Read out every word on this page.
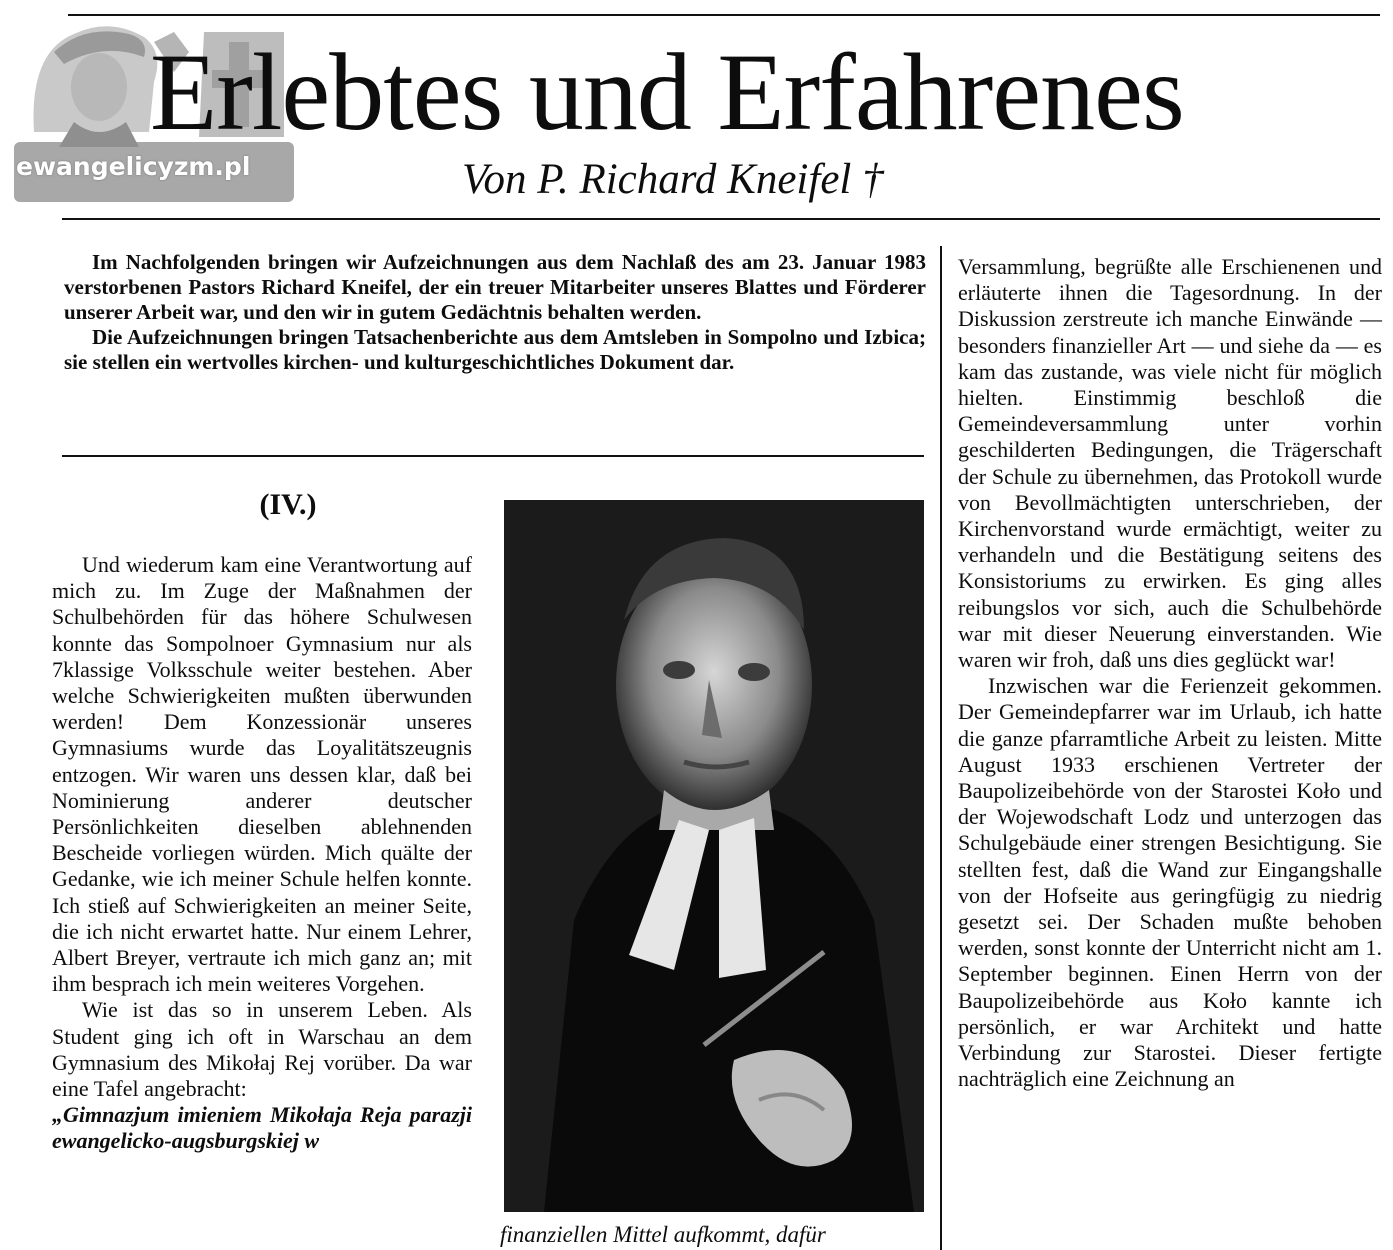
ewangelicyzm.pl
Erlebtes und Erfahrenes
Von P. Richard Kneifel †

Im Nachfolgenden bringen wir Aufzeichnungen aus dem Nachlaß des am 23. Januar 1983 verstorbenen Pastors Richard Kneifel, der ein treuer Mitarbeiter unseres Blattes und Förderer unserer Arbeit war, und den wir in gutem Gedächtnis behalten werden.

Die Aufzeichnungen bringen Tatsachenberichte aus dem Amtsleben in Sompolno und Izbica; sie stellen ein wertvolles kirchen- und kulturgeschichtliches Dokument dar.

(IV.)

Und wiederum kam eine Verantwortung auf mich zu. Im Zuge der Maßnahmen der Schulbehörden für das höhere Schulwesen konnte das Sompolnoer Gymnasium nur als 7klassige Volksschule weiter bestehen. Aber welche Schwierigkeiten mußten überwunden werden! Dem Konzessionär unseres Gymnasiums wurde das Loyalitätszeugnis entzogen. Wir waren uns dessen klar, daß bei Nominierung anderer deutscher Persönlichkeiten dieselben ablehnenden Bescheide vorliegen würden. Mich quälte der Gedanke, wie ich meiner Schule helfen konnte. Ich stieß auf Schwierigkeiten an meiner Seite, die ich nicht erwartet hatte. Nur einem Lehrer, Albert Breyer, vertraute ich mich ganz an; mit ihm besprach ich mein weiteres Vorgehen.

Wie ist das so in unserem Leben. Als Student ging ich oft in Warschau an dem Gymnasium des Mikołaj Rej vorüber. Da war eine Tafel angebracht:

„Gimnazjum imieniem Mikołaja Reja parazji ewangelicko-augsburgskiej w

finanziellen Mittel aufkommt, dafür

Versammlung, begrüßte alle Erschienenen und erläuterte ihnen die Tagesordnung. In der Diskussion zerstreute ich manche Einwände — besonders finanzieller Art — und siehe da — es kam das zustande, was viele nicht für möglich hielten. Einstimmig beschloß die Gemeindeversammlung unter vorhin geschilderten Bedingungen, die Trägerschaft der Schule zu übernehmen, das Protokoll wurde von Bevollmächtigten unterschrieben, der Kirchenvorstand wurde ermächtigt, weiter zu verhandeln und die Bestätigung seitens des Konsistoriums zu erwirken. Es ging alles reibungslos vor sich, auch die Schulbehörde war mit dieser Neuerung einverstanden. Wie waren wir froh, daß uns dies geglückt war!

Inzwischen war die Ferienzeit gekommen. Der Gemeindepfarrer war im Urlaub, ich hatte die ganze pfarramtliche Arbeit zu leisten. Mitte August 1933 erschienen Vertreter der Baupolizeibehörde von der Starostei Koło und der Wojewodschaft Lodz und unterzogen das Schulgebäude einer strengen Besichtigung. Sie stellten fest, daß die Wand zur Eingangshalle von der Hofseite aus geringfügig zu niedrig gesetzt sei. Der Schaden mußte behoben werden, sonst konnte der Unterricht nicht am 1. September beginnen. Einen Herrn von der Baupolizeibehörde aus Koło kannte ich persönlich, er war Architekt und hatte Verbindung zur Starostei. Dieser fertigte nachträglich eine Zeichnung an
